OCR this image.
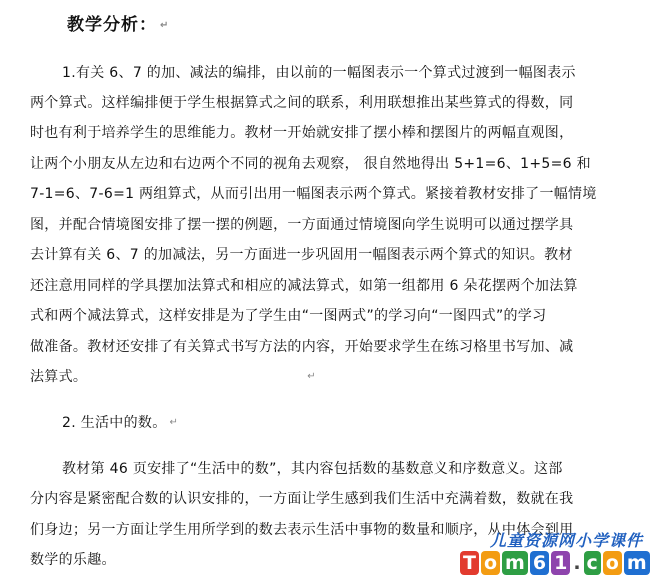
教学分析： ↵
1.有关 6、7 的加、减法的编排，由以前的一幅图表示一个算式过渡到一幅图表示
两个算式。这样编排便于学生根据算式之间的联系，利用联想推出某些算式的得数，同
时也有利于培养学生的思维能力。教材一开始就安排了摆小棒和摆图片的两幅直观图，
让两个小朋友从左边和右边两个不同的视角去观察， 很自然地得出 5+1=6、1+5=6 和
7-1=6、7-6=1 两组算式，从而引出用一幅图表示两个算式。紧接着教材安排了一幅情境
图，并配合情境图安排了摆一摆的例题，一方面通过情境图向学生说明可以通过摆学具
去计算有关 6、7 的加减法，另一方面进一步巩固用一幅图表示两个算式的知识。教材
还注意用同样的学具摆加法算式和相应的减法算式，如第一组都用 6 朵花摆两个加法算
式和两个减法算式，这样安排是为了学生由“一图两式”的学习向“一图四式”的学习
做准备。教材还安排了有关算式书写方法的内容，开始要求学生在练习格里书写加、减
法算式。	↵
2. 生活中的数。 ↵
教材第 46 页安排了“生活中的数”，其内容包括数的基数意义和序数意义。这部
分内容是紧密配合数的认识安排的，一方面让学生感到我们生活中充满着数，数就在我
们身边；另一方面让学生用所学到的数去表示生活中事物的数量和顺序，从中体会到用
数学的乐趣。
儿童资源网小学课件
T o m 6 1 . c o m
